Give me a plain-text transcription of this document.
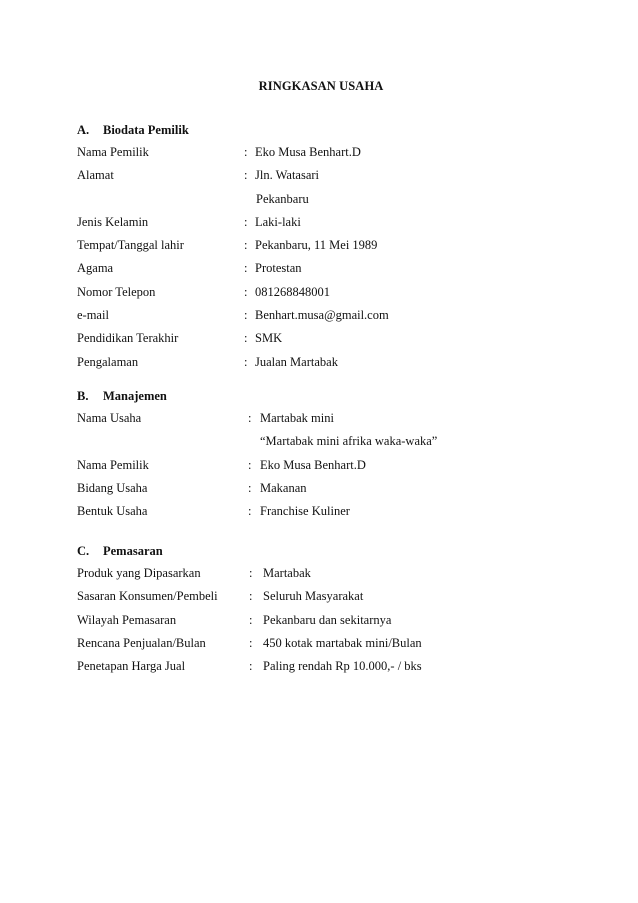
RINGKASAN USAHA
A. Biodata Pemilik
Nama Pemilik	: Eko Musa Benhart.D
Alamat	: Jln. Watasari
Pekanbaru
Jenis Kelamin	: Laki-laki
Tempat/Tanggal lahir	: Pekanbaru, 11 Mei 1989
Agama	: Protestan
Nomor Telepon	: 081268848001
e-mail	: Benhart.musa@gmail.com
Pendidikan Terakhir	: SMK
Pengalaman	: Jualan Martabak
B. Manajemen
Nama Usaha	: Martabak mini
“Martabak mini afrika waka-waka”
Nama Pemilik	: Eko Musa Benhart.D
Bidang Usaha	: Makanan
Bentuk Usaha	: Franchise Kuliner
C. Pemasaran
Produk yang Dipasarkan	: Martabak
Sasaran Konsumen/Pembeli	: Seluruh Masyarakat
Wilayah Pemasaran	: Pekanbaru dan sekitarnya
Rencana Penjualan/Bulan	: 450 kotak martabak mini/Bulan
Penetapan Harga Jual	: Paling rendah Rp 10.000,- / bks
